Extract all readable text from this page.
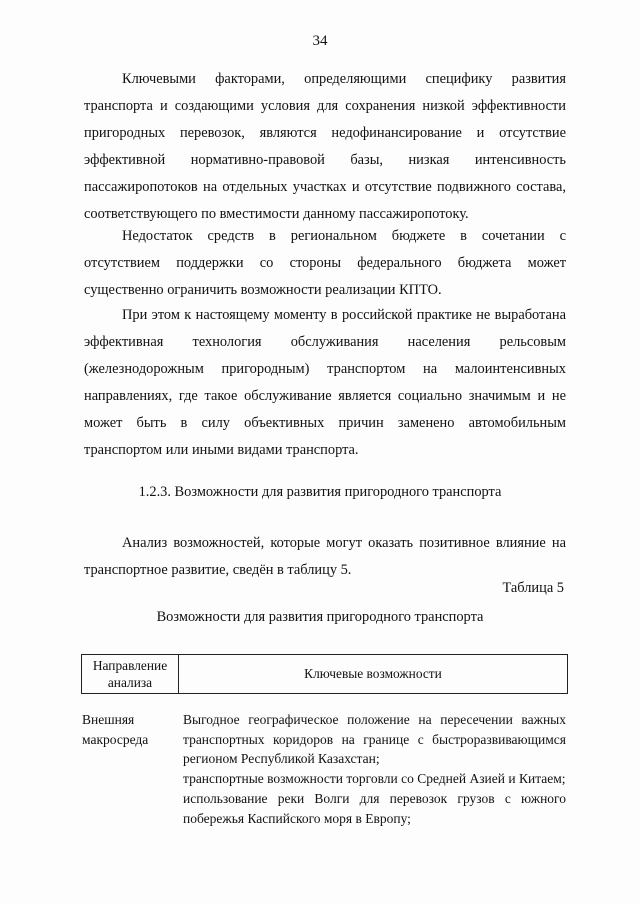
34

Ключевыми факторами, определяющими специфику развития транспорта и создающими условия для сохранения низкой эффективности пригородных перевозок, являются недофинансирование и отсутствие эффективной нормативно-правовой базы, низкая интенсивность пассажиропотоков на отдельных участках и отсутствие подвижного состава, соответствующего по вместимости данному пассажиропотоку.

Недостаток средств в региональном бюджете в сочетании с отсутствием поддержки со стороны федерального бюджета может существенно ограничить возможности реализации КПТО.

При этом к настоящему моменту в российской практике не выработана эффективная технология обслуживания населения рельсовым (железнодорожным пригородным) транспортом на малоинтенсивных направлениях, где такое обслуживание является социально значимым и не может быть в силу объективных причин заменено автомобильным транспортом или иными видами транспорта.

1.2.3. Возможности для развития пригородного транспорта

Анализ возможностей, которые могут оказать позитивное влияние на транспортное развитие, сведён в таблицу 5.

Таблица 5
Возможности для развития пригородного транспорта
Направление анализа
Ключевые возможности
Внешняя макросреда
Выгодное географическое положение на пересечении важных транспортных коридоров на границе с быстроразвивающимся регионом Республикой Казахстан;
транспортные возможности торговли со Средней Азией и Китаем;
использование реки Волги для перевозок грузов с южного побережья Каспийского моря в Европу;
